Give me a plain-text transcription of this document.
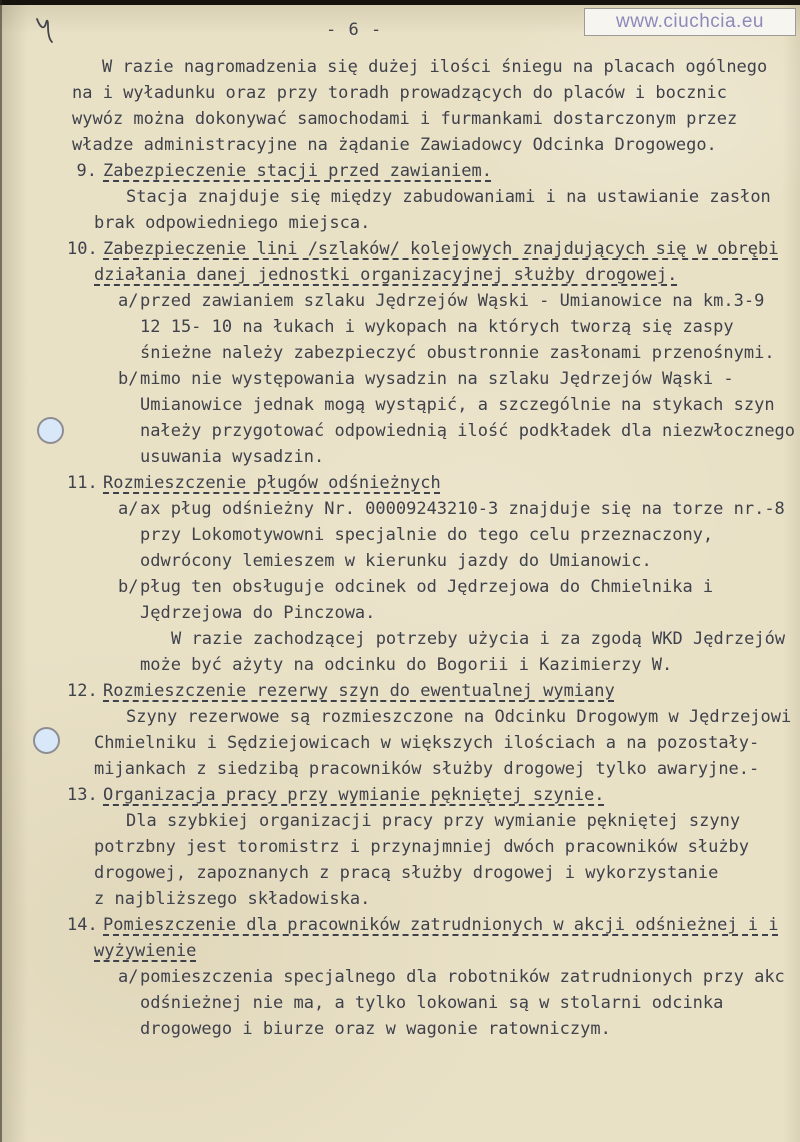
www.ciuchcia.eu
- 6 -
W razie nagromadzenia się dużej ilości śniegu na placach ogólnego
na i wyładunku oraz przy toradh prowadzących do placów i bocznic
wywóz można dokonywać samochodami i furmankami dostarczonym przez
władze administracyjne na żądanie Zawiadowcy Odcinka Drogowego.
9. Zabezpieczenie stacji przed zawianiem.
Stacja znajduje się między zabudowaniami i na ustawianie zasłon
brak odpowiedniego miejsca.
10. Zabezpieczenie lini /szlaków/ kolejowych znajdujących się w obrębi
działania danej jednostki organizacyjnej służby drogowej.
a/przed zawianiem szlaku Jędrzejów Wąski - Umianowice na km.3-9
12 15- 10 na łukach i wykopach na których tworzą się zaspy
śnieżne należy zabezpieczyć obustronnie zasłonami przenośnymi.
b/mimo nie występowania wysadzin na szlaku Jędrzejów Wąski -
Umianowice jednak mogą wystąpić, a szczególnie na stykach szyn
nałeży przygotować odpowiednią ilość podkładek dla niezwłocznego
usuwania wysadzin.
11. Rozmieszczenie pługów odśnieżnych
a/ax pług odśnieżny Nr. 00009243210-3 znajduje się na torze nr.-8
przy Lokomotywowni specjalnie do tego celu przeznaczony,
odwrócony lemieszem w kierunku jazdy do Umianowic.
b/pług ten obsługuje odcinek od Jędrzejowa do Chmielnika i
Jędrzejowa do Pinczowa.
W razie zachodzącej potrzeby użycia i za zgodą WKD Jędrzejów
może być ażyty na odcinku do Bogorii i Kazimierzy W.
12. Rozmieszczenie rezerwy szyn do ewentualnej wymiany
Szyny rezerwowe są rozmieszczone na Odcinku Drogowym w Jędrzejowi
Chmielniku i Sędziejowicach w większych ilościach a na pozostały-
mijankach z siedzibą pracowników służby drogowej tylko awaryjne.-
13. Organizacja pracy przy wymianie pękniętej szynie.
Dla szybkiej organizacji pracy przy wymianie pękniętej szyny
potrzbny jest toromistrz i przynajmniej dwóch pracowników służby
drogowej, zapoznanych z pracą służby drogowej i wykorzystanie
z najbliższego składowiska.
14. Pomieszczenie dla pracowników zatrudnionych w akcji odśnieżnej i i
wyżywienie
a/pomieszczenia specjalnego dla robotników zatrudnionych przy akc
odśnieżnej nie ma, a tylko lokowani są w stolarni odcinka
drogowego i biurze oraz w wagonie ratowniczym.
